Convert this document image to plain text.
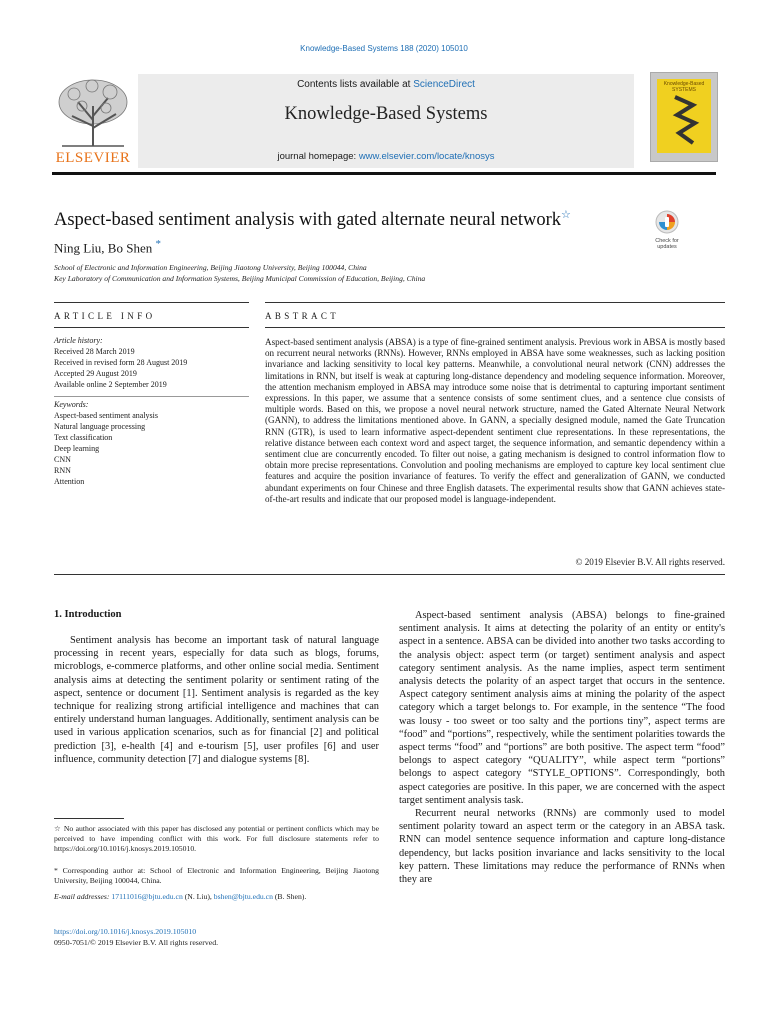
Knowledge-Based Systems 188 (2020) 105010
ELSEVIER
Contents lists available at ScienceDirect
Knowledge-Based Systems
journal homepage: www.elsevier.com/locate/knosys
Knowledge-Based SYSTEMS
Aspect-based sentiment analysis with gated alternate neural network☆
Check for updates
Ning Liu, Bo Shen *
School of Electronic and Information Engineering, Beijing Jiaotong University, Beijing 100044, China
Key Laboratory of Communication and Information Systems, Beijing Municipal Commission of Education, Beijing, China
ARTICLE INFO	ABSTRACT
Article history:
Received 28 March 2019
Received in revised form 28 August 2019
Accepted 29 August 2019
Available online 2 September 2019
Keywords:
Aspect-based sentiment analysis
Natural language processing
Text classification
Deep learning
CNN
RNN
Attention
Aspect-based sentiment analysis (ABSA) is a type of fine-grained sentiment analysis. Previous work in ABSA is mostly based on recurrent neural networks (RNNs). However, RNNs employed in ABSA have some weaknesses, such as lacking position invariance and lacking sensitivity to local key patterns. Meanwhile, a convolutional neural network (CNN) addresses the limitations in RNN, but itself is weak at capturing long-distance dependency and modeling sequence information. Moreover, the attention mechanism employed in ABSA may introduce some noise that is detrimental to capturing important sentiment expressions. In this paper, we assume that a sentence consists of some sentiment clues, and a sentence clue consists of multiple words. Based on this, we propose a novel neural network structure, named the Gated Alternate Neural Network (GANN), to address the limitations mentioned above. In GANN, a specially designed module, named the Gate Truncation RNN (GTR), is used to learn informative aspect-dependent sentiment clue representations. In these representations, the relative distance between each context word and aspect target, the sequence information, and semantic dependency within a sentiment clue are concurrently encoded. To filter out noise, a gating mechanism is designed to control information flow to obtain more precise representations. Convolution and pooling mechanisms are employed to capture key local sentiment clue features and acquire the position invariance of features. To verify the effect and generalization of GANN, we conducted abundant experiments on four Chinese and three English datasets. The experimental results show that GANN achieves state-of-the-art results and indicate that our proposed model is language-independent.
© 2019 Elsevier B.V. All rights reserved.
1. Introduction
Sentiment analysis has become an important task of natural language processing in recent years, especially for data such as blogs, forums, microblogs, e-commerce platforms, and other online social media. Sentiment analysis aims at detecting the sentiment polarity or sentiment rating of the aspect, sentence or document [1]. Sentiment analysis is regarded as the key technique for realizing strong artificial intelligence and machines that can entirely understand human languages. Additionally, sentiment analysis can be used in various application scenarios, such as for financial [2] and political prediction [3], e-health [4] and e-tourism [5], user profiles [6] and user influence, community detection [7] and dialogue systems [8].

Aspect-based sentiment analysis (ABSA) belongs to fine-grained sentiment analysis. It aims at detecting the polarity of an entity or entity's aspect in a sentence. ABSA can be divided into another two tasks according to the analysis object: aspect term (or target) sentiment analysis and aspect category sentiment analysis. As the name implies, aspect term sentiment analysis detects the polarity of an aspect target that occurs in the sentence. Aspect category sentiment analysis aims at mining the polarity of the aspect category which a target belongs to. For example, in the sentence “The food was lousy - too sweet or too salty and the portions tiny”, aspect terms are “food” and “portions”, respectively, while the sentiment polarities towards the aspect terms “food” and “portions” are both positive. The aspect term “food” belongs to aspect category “QUALITY”, while aspect term “portions” belongs to aspect category “STYLE_OPTIONS”. Correspondingly, both aspect categories are positive. In this paper, we are concerned with the aspect target sentiment analysis task.

Recurrent neural networks (RNNs) are commonly used to model sentiment polarity toward an aspect term or the category in an ABSA task. RNN can model sentence sequence information and capture long-distance dependency, but lacks position invariance and lacks sensitivity to the local key pattern. These limitations may reduce the performance of RNNs when they are

☆ No author associated with this paper has disclosed any potential or pertinent conflicts which may be perceived to have impending conflict with this work. For full disclosure statements refer to https://doi.org/10.1016/j.knosys.2019.105010.
* Corresponding author at: School of Electronic and Information Engineering, Beijing Jiaotong University, Beijing 100044, China.
E-mail addresses: 17111016@bjtu.edu.cn (N. Liu), bshen@bjtu.edu.cn (B. Shen).
https://doi.org/10.1016/j.knosys.2019.105010
0950-7051/© 2019 Elsevier B.V. All rights reserved.
